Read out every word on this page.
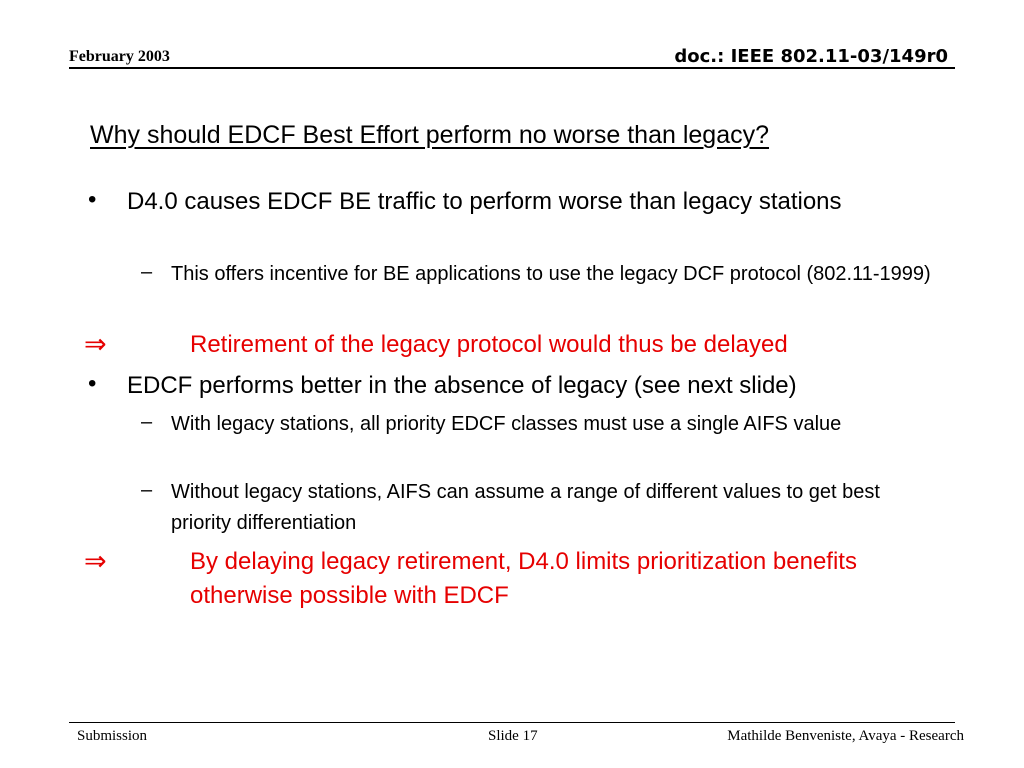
February 2003	doc.: IEEE 802.11-03/149r0
Why should EDCF Best Effort perform no worse than legacy?
• D4.0 causes EDCF BE traffic to perform worse than legacy stations
– This offers incentive for BE applications to use the legacy DCF protocol (802.11-1999)
⇒	Retirement of the legacy protocol would thus be delayed
• EDCF performs better in the absence of legacy (see next slide)
– With legacy stations, all priority EDCF classes must use a single AIFS value
– Without legacy stations, AIFS can assume a range of different values to get best priority differentiation
⇒	By delaying legacy retirement, D4.0 limits prioritization benefits otherwise possible with EDCF
Submission	Slide 17	Mathilde Benveniste, Avaya - Research
